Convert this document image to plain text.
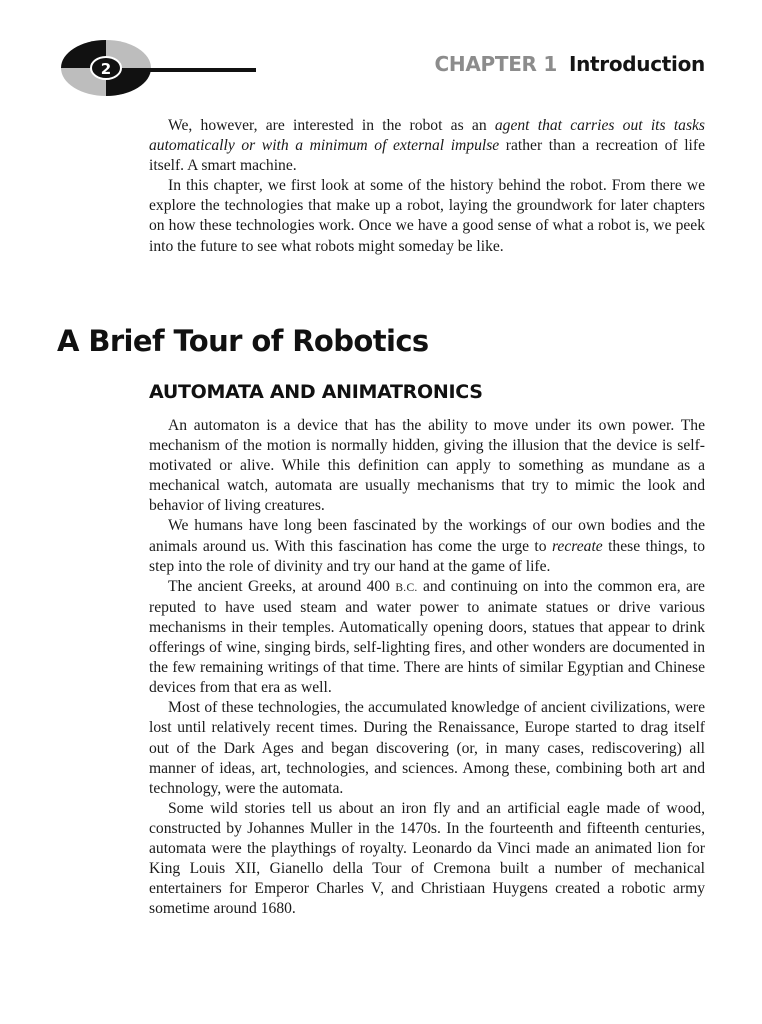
2	CHAPTER 1 Introduction

We, however, are interested in the robot as an agent that carries out its tasks automatically or with a minimum of external impulse rather than a recreation of life itself. A smart machine.

In this chapter, we first look at some of the history behind the robot. From there we explore the technologies that make up a robot, laying the groundwork for later chapters on how these technologies work. Once we have a good sense of what a robot is, we peek into the future to see what robots might someday be like.

A Brief Tour of Robotics
AUTOMATA AND ANIMATRONICS

An automaton is a device that has the ability to move under its own power. The mechanism of the motion is normally hidden, giving the illusion that the device is self-motivated or alive. While this definition can apply to something as mundane as a mechanical watch, automata are usually mechanisms that try to mimic the look and behavior of living creatures.

We humans have long been fascinated by the workings of our own bodies and the animals around us. With this fascination has come the urge to recreate these things, to step into the role of divinity and try our hand at the game of life.

The ancient Greeks, at around 400 B.C. and continuing on into the common era, are reputed to have used steam and water power to animate statues or drive various mechanisms in their temples. Automatically opening doors, statues that appear to drink offerings of wine, singing birds, self-lighting fires, and other wonders are documented in the few remaining writings of that time. There are hints of similar Egyptian and Chinese devices from that era as well.

Most of these technologies, the accumulated knowledge of ancient civilizations, were lost until relatively recent times. During the Renaissance, Europe started to drag itself out of the Dark Ages and began discovering (or, in many cases, rediscovering) all manner of ideas, art, technologies, and sciences. Among these, combining both art and technology, were the automata.

Some wild stories tell us about an iron fly and an artificial eagle made of wood, constructed by Johannes Muller in the 1470s. In the fourteenth and fifteenth centuries, automata were the playthings of royalty. Leonardo da Vinci made an animated lion for King Louis XII, Gianello della Tour of Cremona built a number of mechanical entertainers for Emperor Charles V, and Christiaan Huygens created a robotic army sometime around 1680.
